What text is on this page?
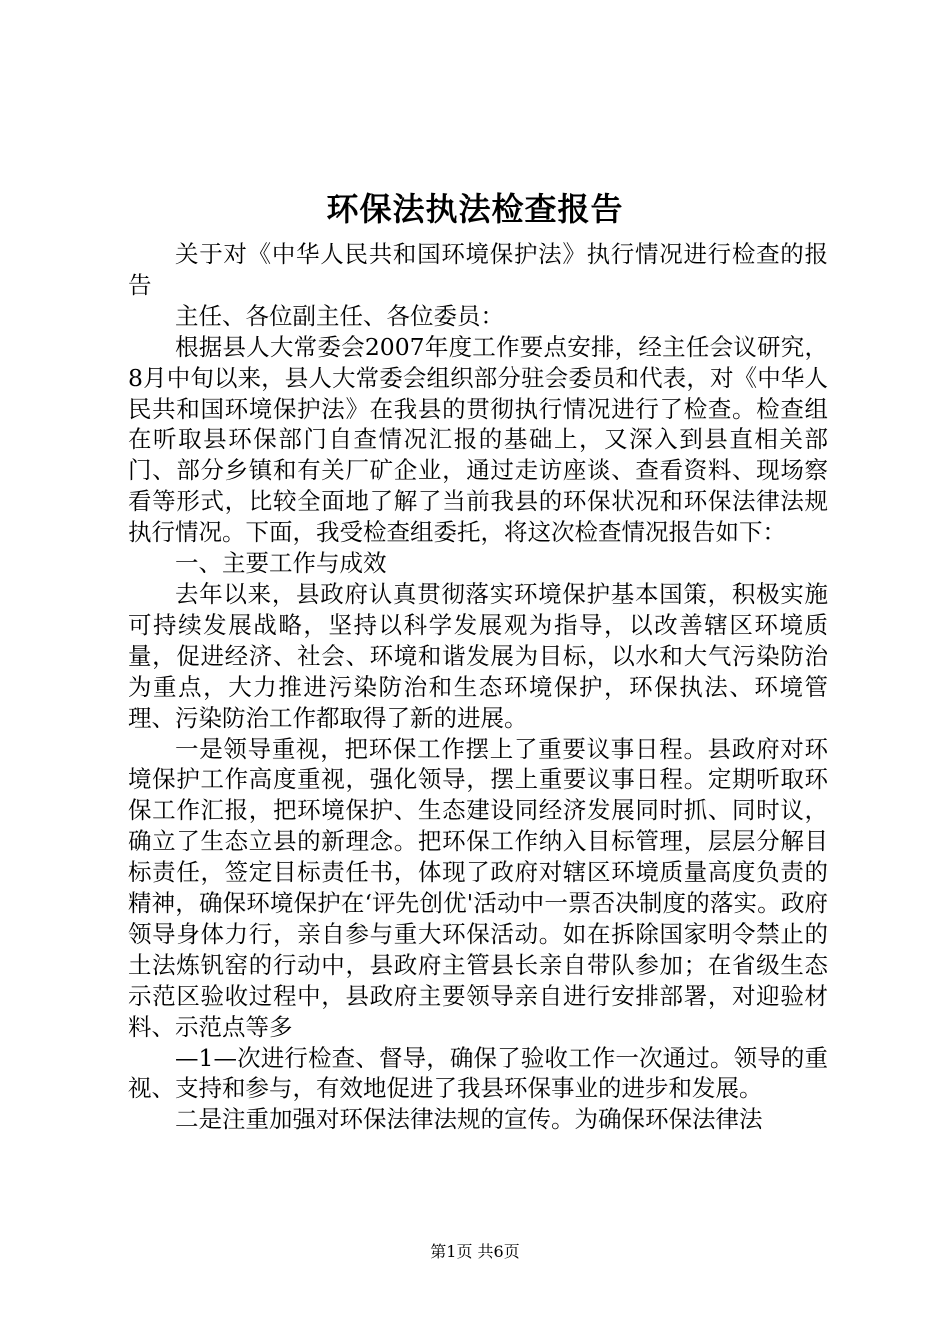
环保法执法检查报告

关于对《中华人民共和国环境保护法》执行情况进行检查的报告

主任、各位副主任、各位委员：

根据县人大常委会2007年度工作要点安排，经主任会议研究，8月中旬以来，县人大常委会组织部分驻会委员和代表，对《中华人民共和国环境保护法》在我县的贯彻执行情况进行了检查。检查组在听取县环保部门自查情况汇报的基础上，又深入到县直相关部门、部分乡镇和有关厂矿企业，通过走访座谈、查看资料、现场察看等形式，比较全面地了解了当前我县的环保状况和环保法律法规执行情况。下面，我受检查组委托，将这次检查情况报告如下：

一、主要工作与成效

去年以来，县政府认真贯彻落实环境保护基本国策，积极实施可持续发展战略，坚持以科学发展观为指导，以改善辖区环境质量，促进经济、社会、环境和谐发展为目标，以水和大气污染防治为重点，大力推进污染防治和生态环境保护，环保执法、环境管理、污染防治工作都取得了新的进展。

一是领导重视，把环保工作摆上了重要议事日程。县政府对环境保护工作高度重视，强化领导，摆上重要议事日程。定期听取环保工作汇报，把环境保护、生态建设同经济发展同时抓、同时议，确立了生态立县的新理念。把环保工作纳入目标管理，层层分解目标责任，签定目标责任书，体现了政府对辖区环境质量高度负责的精神，确保环境保护在‘评先创优'活动中一票否决制度的落实。政府领导身体力行，亲自参与重大环保活动。如在拆除国家明令禁止的土法炼钒窑的行动中，县政府主管县长亲自带队参加；在省级生态示范区验收过程中，县政府主要领导亲自进行安排部署，对迎验材料、示范点等多

—1—次进行检查、督导，确保了验收工作一次通过。领导的重视、支持和参与，有效地促进了我县环保事业的进步和发展。

二是注重加强对环保法律法规的宣传。为确保环保法律法

第1页 共6页
